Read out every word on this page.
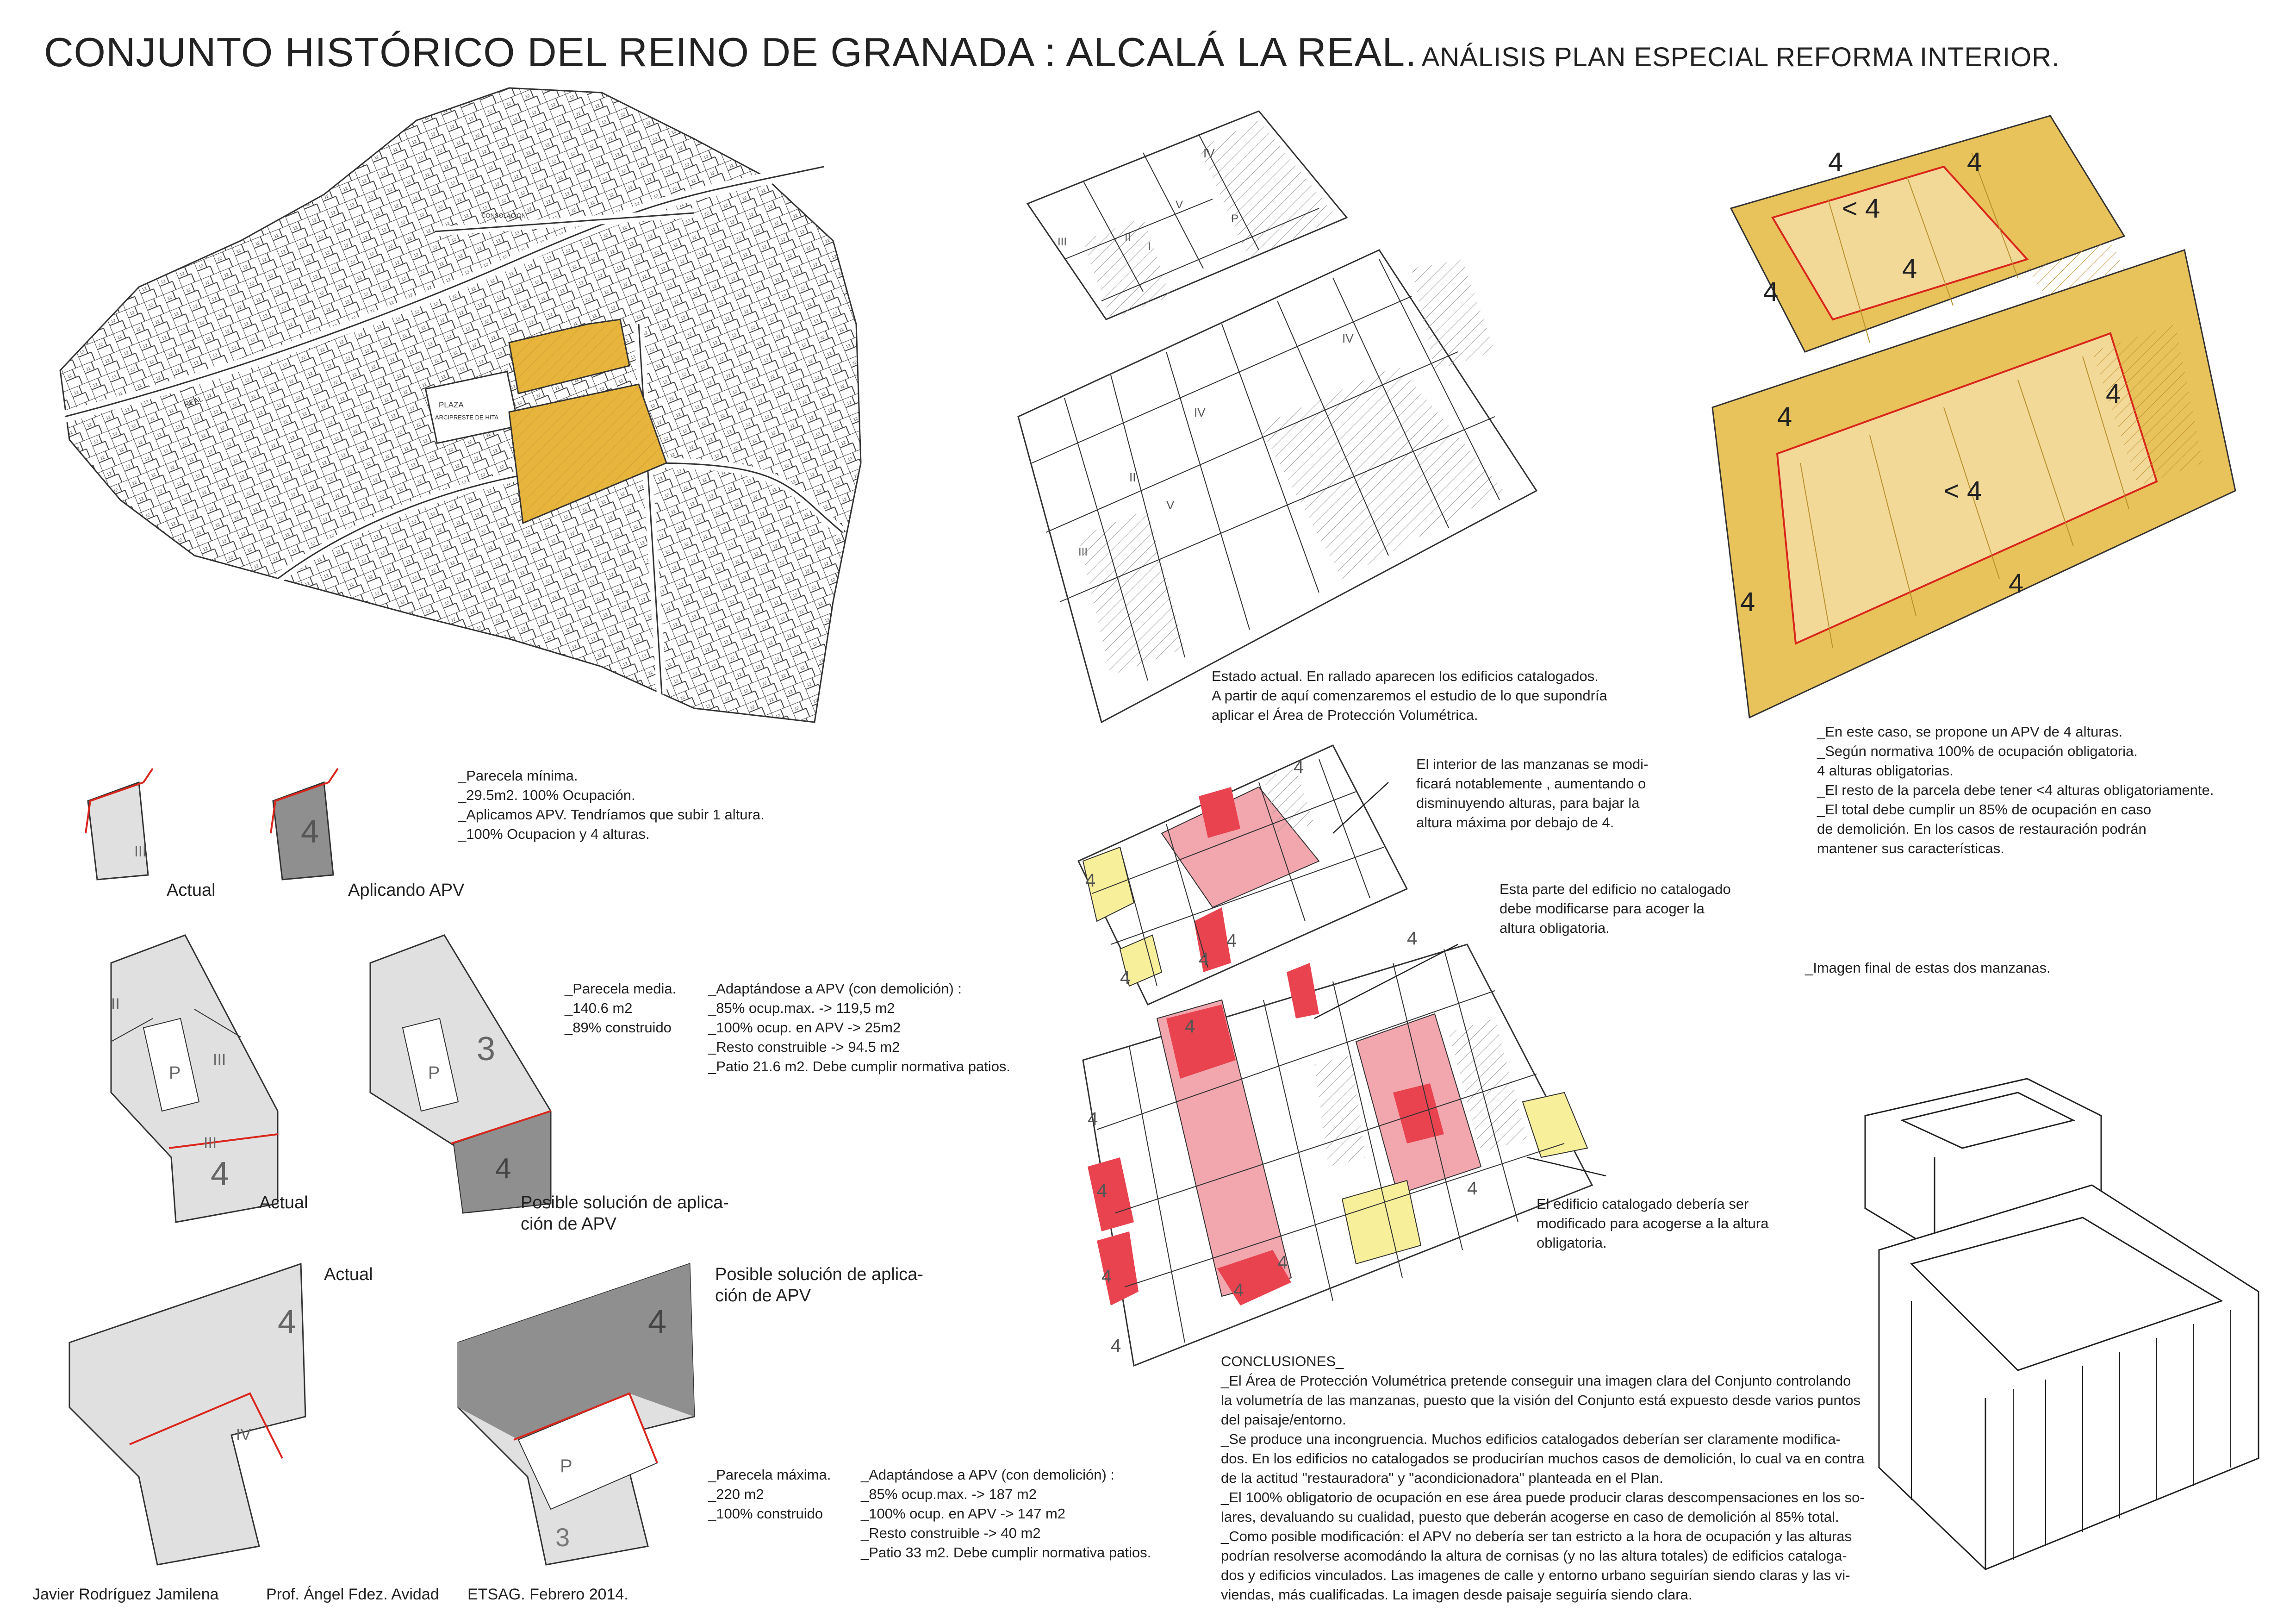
CONJUNTO HISTÓRICO DEL REINO DE GRANADA : ALCALÁ LA REAL. ANÁLISIS PLAN ESPECIAL REFORMA INTERIOR.
PLAZA
ARCIPRESTE DE HITA
REAL
CONSOLACION
IV
III	II
I
V
P
IV
V
II
III
IV
4	4
< 4
4
4
4
4
< 4
4
4
4
4
4
4
4
4
4
4
4
4
4
4
4
4
III
4
II
III
III
4
P
3
4
P
4
IV
4
P
3
Estado actual. En rallado aparecen los edificios catalogados.
A partir de aquí comenzaremos el estudio de lo que supondría
aplicar el Área de Protección Volumétrica.
_En este caso, se propone un APV de 4 alturas.
_Según normativa 100% de ocupación obligatoria.
4 alturas obligatorias.
_El resto de la parcela debe tener <4 alturas obligatoriamente.
_El total debe cumplir un 85% de ocupación en caso
de demolición. En los casos de restauración podrán
mantener sus características.
El interior de las manzanas se modi-
ficará notablemente , aumentando o
disminuyendo alturas, para bajar la
altura máxima por debajo de 4.
Esta parte del edificio no catalogado
debe modificarse para acoger la
altura obligatoria.
El edificio catalogado debería ser
modificado para acogerse a la altura
obligatoria.
_Imagen final de estas dos manzanas.
_Parecela mínima.
_29.5m2. 100% Ocupación.
_Aplicamos APV. Tendríamos que subir 1 altura.
_100% Ocupacion y 4 alturas.
Actual	Aplicando APV
_Parecela media.
_140.6 m2
_89% construido
_Adaptándose a APV (con demolición) :
_85% ocup.max. -> 119,5 m2
_100% ocup. en APV -> 25m2
_Resto construible -> 94.5 m2
_Patio 21.6 m2. Debe cumplir normativa patios.
Actual	Posible solución de aplica-
ción de APV
Actual	Posible solución de aplica-
ción de APV
_Parecela máxima.
_220 m2
_100% construido
_Adaptándose a APV (con demolición) :
_85% ocup.max. -> 187 m2
_100% ocup. en APV -> 147 m2
_Resto construible -> 40 m2
_Patio 33 m2. Debe cumplir normativa patios.
CONCLUSIONES_
_El Área de Protección Volumétrica pretende conseguir una imagen clara del Conjunto controlando
la volumetría de las manzanas, puesto que la visión del Conjunto está expuesto desde varios puntos
del paisaje/entorno.
_Se produce una incongruencia. Muchos edificios catalogados deberían ser claramente modifica-
dos. En los edificios no catalogados se producirían muchos casos de demolición, lo cual va en contra
de la actitud "restauradora" y "acondicionadora" planteada en el Plan.
_El 100% obligatorio de ocupación en ese área puede producir claras descompensaciones en los so-
lares, devaluando su cualidad, puesto que deberán acogerse en caso de demolición al 85% total.
_Como posible modificación: el APV no debería ser tan estricto a la hora de ocupación y las alturas
podrían resolverse acomodándo la altura de cornisas (y no las altura totales) de edificios cataloga-
dos y edificios vinculados. Las imagenes de calle y entorno urbano seguirían siendo claras y las vi-
viendas, más cualificadas. La imagen desde paisaje seguiría siendo clara.
Javier Rodríguez Jamilena	Prof. Ángel Fdez. Avidad ETSAG. Febrero 2014.
